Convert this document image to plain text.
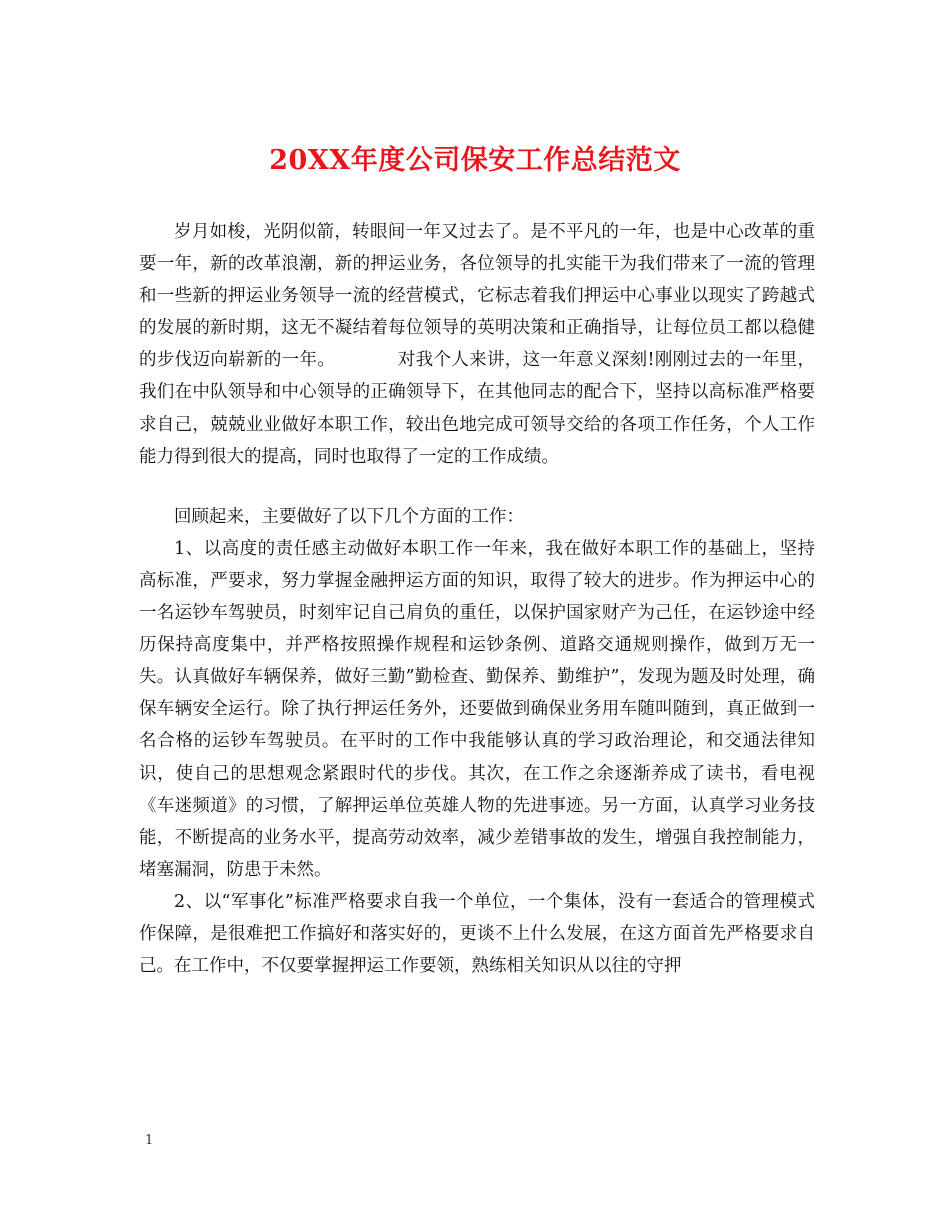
20XX年度公司保安工作总结范文

岁月如梭，光阴似箭，转眼间一年又过去了。是不平凡的一年，也是中心改革的重要一年，新的改革浪潮，新的押运业务，各位领导的扎实能干为我们带来了一流的管理和一些新的押运业务领导一流的经营模式，它标志着我们押运中心事业以现实了跨越式的发展的新时期，这无不凝结着每位领导的英明决策和正确指导，让每位员工都以稳健的步伐迈向崭新的一年。　　　　对我个人来讲，这一年意义深刻!刚刚过去的一年里，我们在中队领导和中心领导的正确领导下，在其他同志的配合下，坚持以高标准严格要求自己，兢兢业业做好本职工作，较出色地完成可领导交给的各项工作任务，个人工作能力得到很大的提高，同时也取得了一定的工作成绩。

回顾起来，主要做好了以下几个方面的工作：

1、以高度的责任感主动做好本职工作一年来，我在做好本职工作的基础上，坚持高标准，严要求，努力掌握金融押运方面的知识，取得了较大的进步。作为押运中心的一名运钞车驾驶员，时刻牢记自己肩负的重任，以保护国家财产为己任，在运钞途中经历保持高度集中，并严格按照操作规程和运钞条例、道路交通规则操作，做到万无一失。认真做好车辆保养，做好三勤”勤检查、勤保养、勤维护”，发现为题及时处理，确保车辆安全运行。除了执行押运任务外，还要做到确保业务用车随叫随到，真正做到一名合格的运钞车驾驶员。在平时的工作中我能够认真的学习政治理论，和交通法律知识，使自己的思想观念紧跟时代的步伐。其次，在工作之余逐渐养成了读书，看电视《车迷频道》的习惯，了解押运单位英雄人物的先进事迹。另一方面，认真学习业务技能，不断提高的业务水平，提高劳动效率，减少差错事故的发生，增强自我控制能力，堵塞漏洞，防患于未然。

2、以“军事化”标准严格要求自我一个单位，一个集体，没有一套适合的管理模式作保障，是很难把工作搞好和落实好的，更谈不上什么发展，在这方面首先严格要求自己。在工作中，不仅要掌握押运工作要领，熟练相关知识从以往的守押

1
